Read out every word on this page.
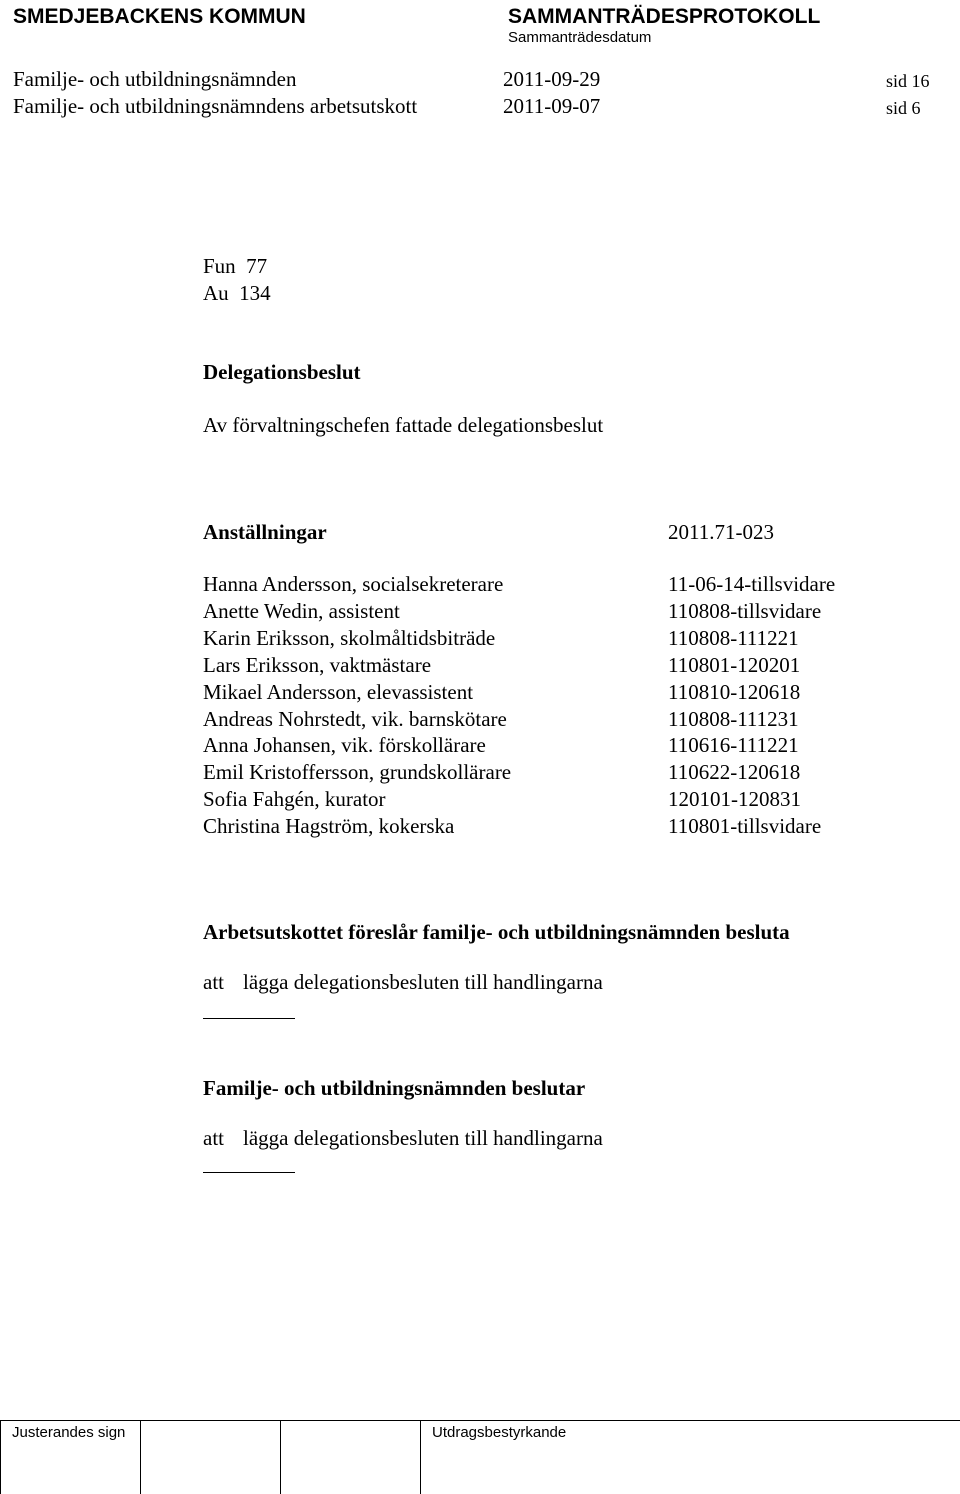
SMEDJEBACKENS KOMMUN	SAMMANTRÄDESPROTOKOLL
Sammanträdesdatum
Familje- och utbildningsnämnden	2011-09-29	sid 16
Familje- och utbildningsnämndens arbetsutskott	2011-09-07	sid 6
Fun  77
Au  134
Delegationsbeslut
Av förvaltningschefen fattade delegationsbeslut
Anställningar	2011.71-023
Hanna Andersson, socialsekreterare	11-06-14-tillsvidare
Anette Wedin, assistent	110808-tillsvidare
Karin Eriksson, skolmåltidsbiträde	110808-111221
Lars Eriksson, vaktmästare	110801-120201
Mikael Andersson, elevassistent	110810-120618
Andreas Nohrstedt, vik. barnskötare	110808-111231
Anna Johansen, vik. förskollärare	110616-111221
Emil Kristoffersson, grundskollärare	110622-120618
Sofia Fahgén, kurator	120101-120831
Christina Hagström, kokerska	110801-tillsvidare
Arbetsutskottet föreslår familje- och utbildningsnämnden besluta
att lägga delegationsbesluten till handlingarna
Familje- och utbildningsnämnden beslutar
att lägga delegationsbesluten till handlingarna
Justerandes sign	Utdragsbestyrkande
